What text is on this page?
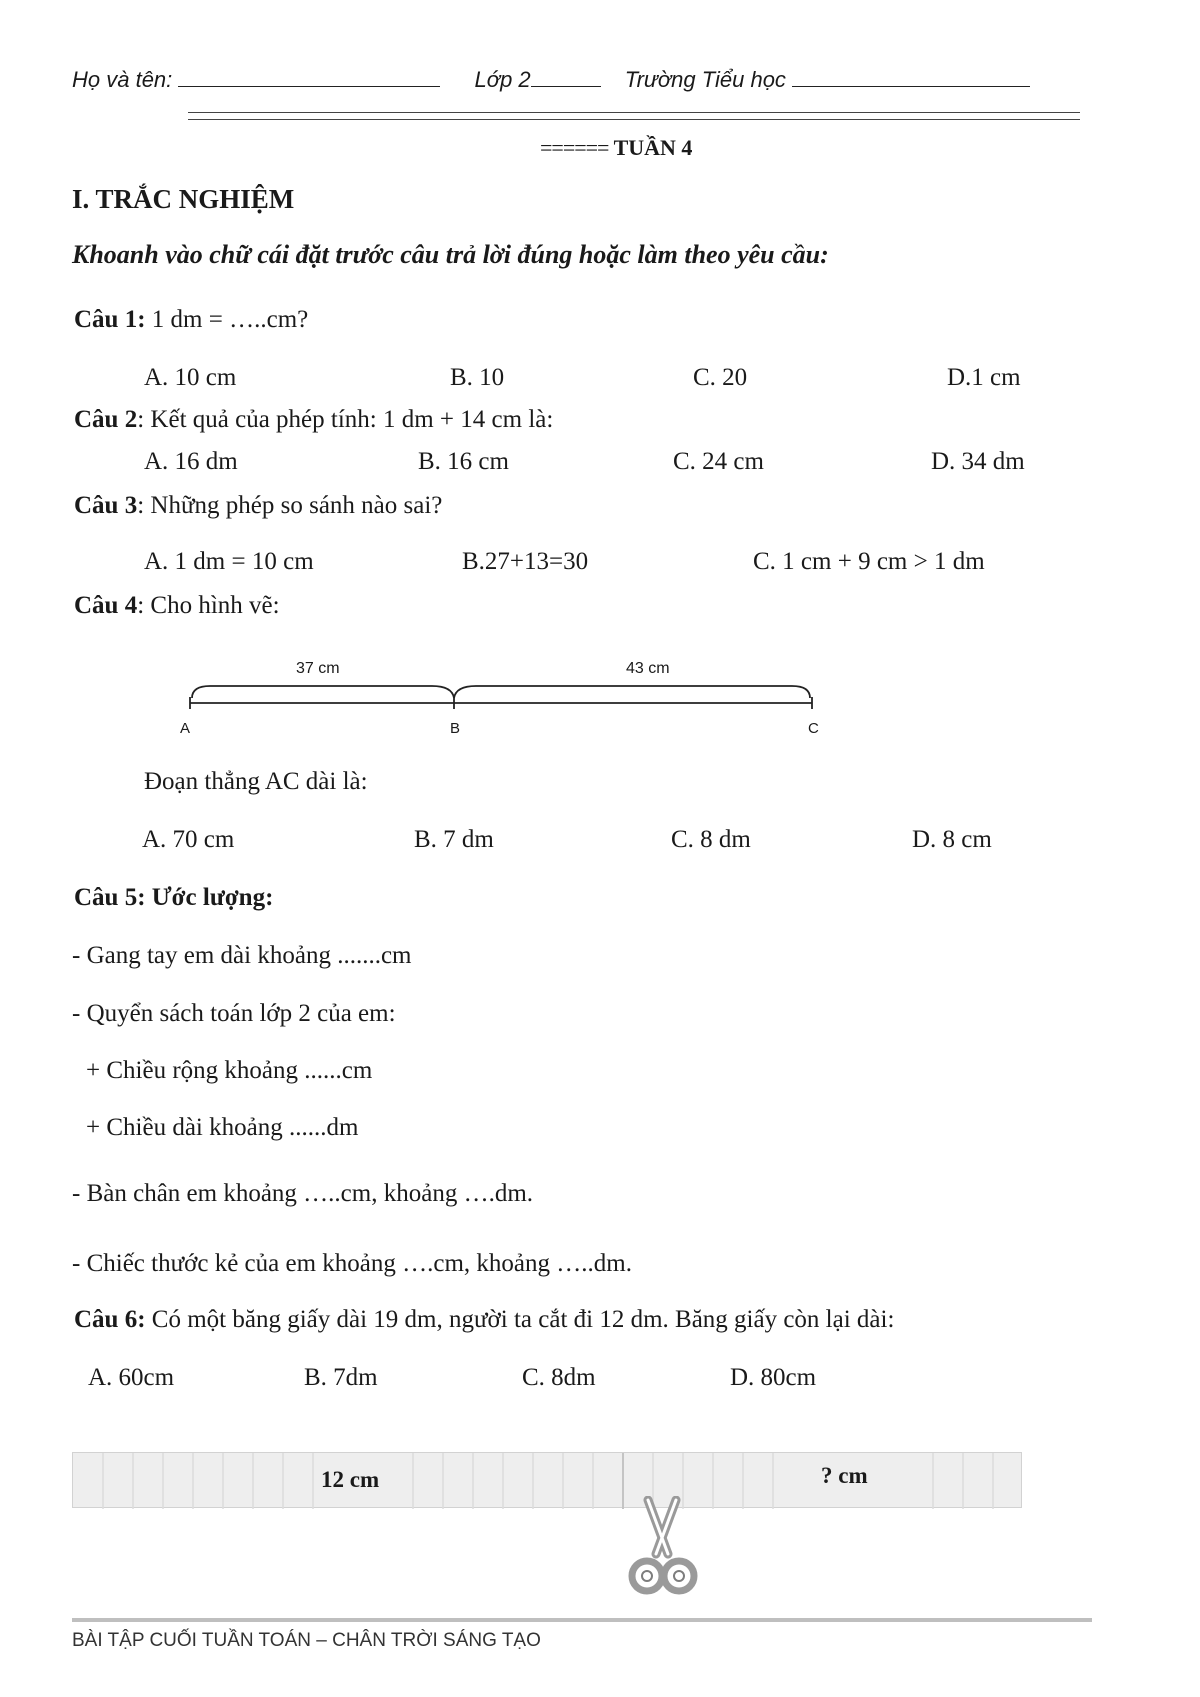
Họ và tên:	Lớp 2	Trường Tiểu học
====== TUẦN 4
I. TRẮC NGHIỆM
Khoanh vào chữ cái đặt trước câu trả lời đúng hoặc làm theo yêu cầu:
Câu 1: 1 dm = …..cm?
A. 10 cm	B. 10	C. 20	D.1 cm
Câu 2: Kết quả của phép tính: 1 dm + 14 cm là:
A. 16 dm	B. 16 cm	C. 24 cm	D. 34 dm
Câu 3: Những phép so sánh nào sai?
A. 1 dm = 10 cm	B.27+13=30	C. 1 cm + 9 cm > 1 dm
Câu 4: Cho hình vẽ:
37 cm	43 cm
A	B	C
Đoạn thẳng AC dài là:
A. 70 cm	B. 7 dm	C. 8 dm	D. 8 cm
Câu 5: Ước lượng:
- Gang tay em dài khoảng .......cm
- Quyển sách toán lớp 2 của em:
+ Chiều rộng khoảng ......cm
+ Chiều dài khoảng ......dm
- Bàn chân em khoảng …..cm, khoảng ….dm.
- Chiếc thước kẻ của em khoảng ….cm, khoảng …..dm.
Câu 6: Có một băng giấy dài 19 dm, người ta cắt đi 12 dm. Băng giấy còn lại dài:
A. 60cm	B. 7dm	C. 8dm	D. 80cm
12 cm	? cm
BÀI TẬP CUỐI TUẦN TOÁN – CHÂN TRỜI SÁNG TẠO
